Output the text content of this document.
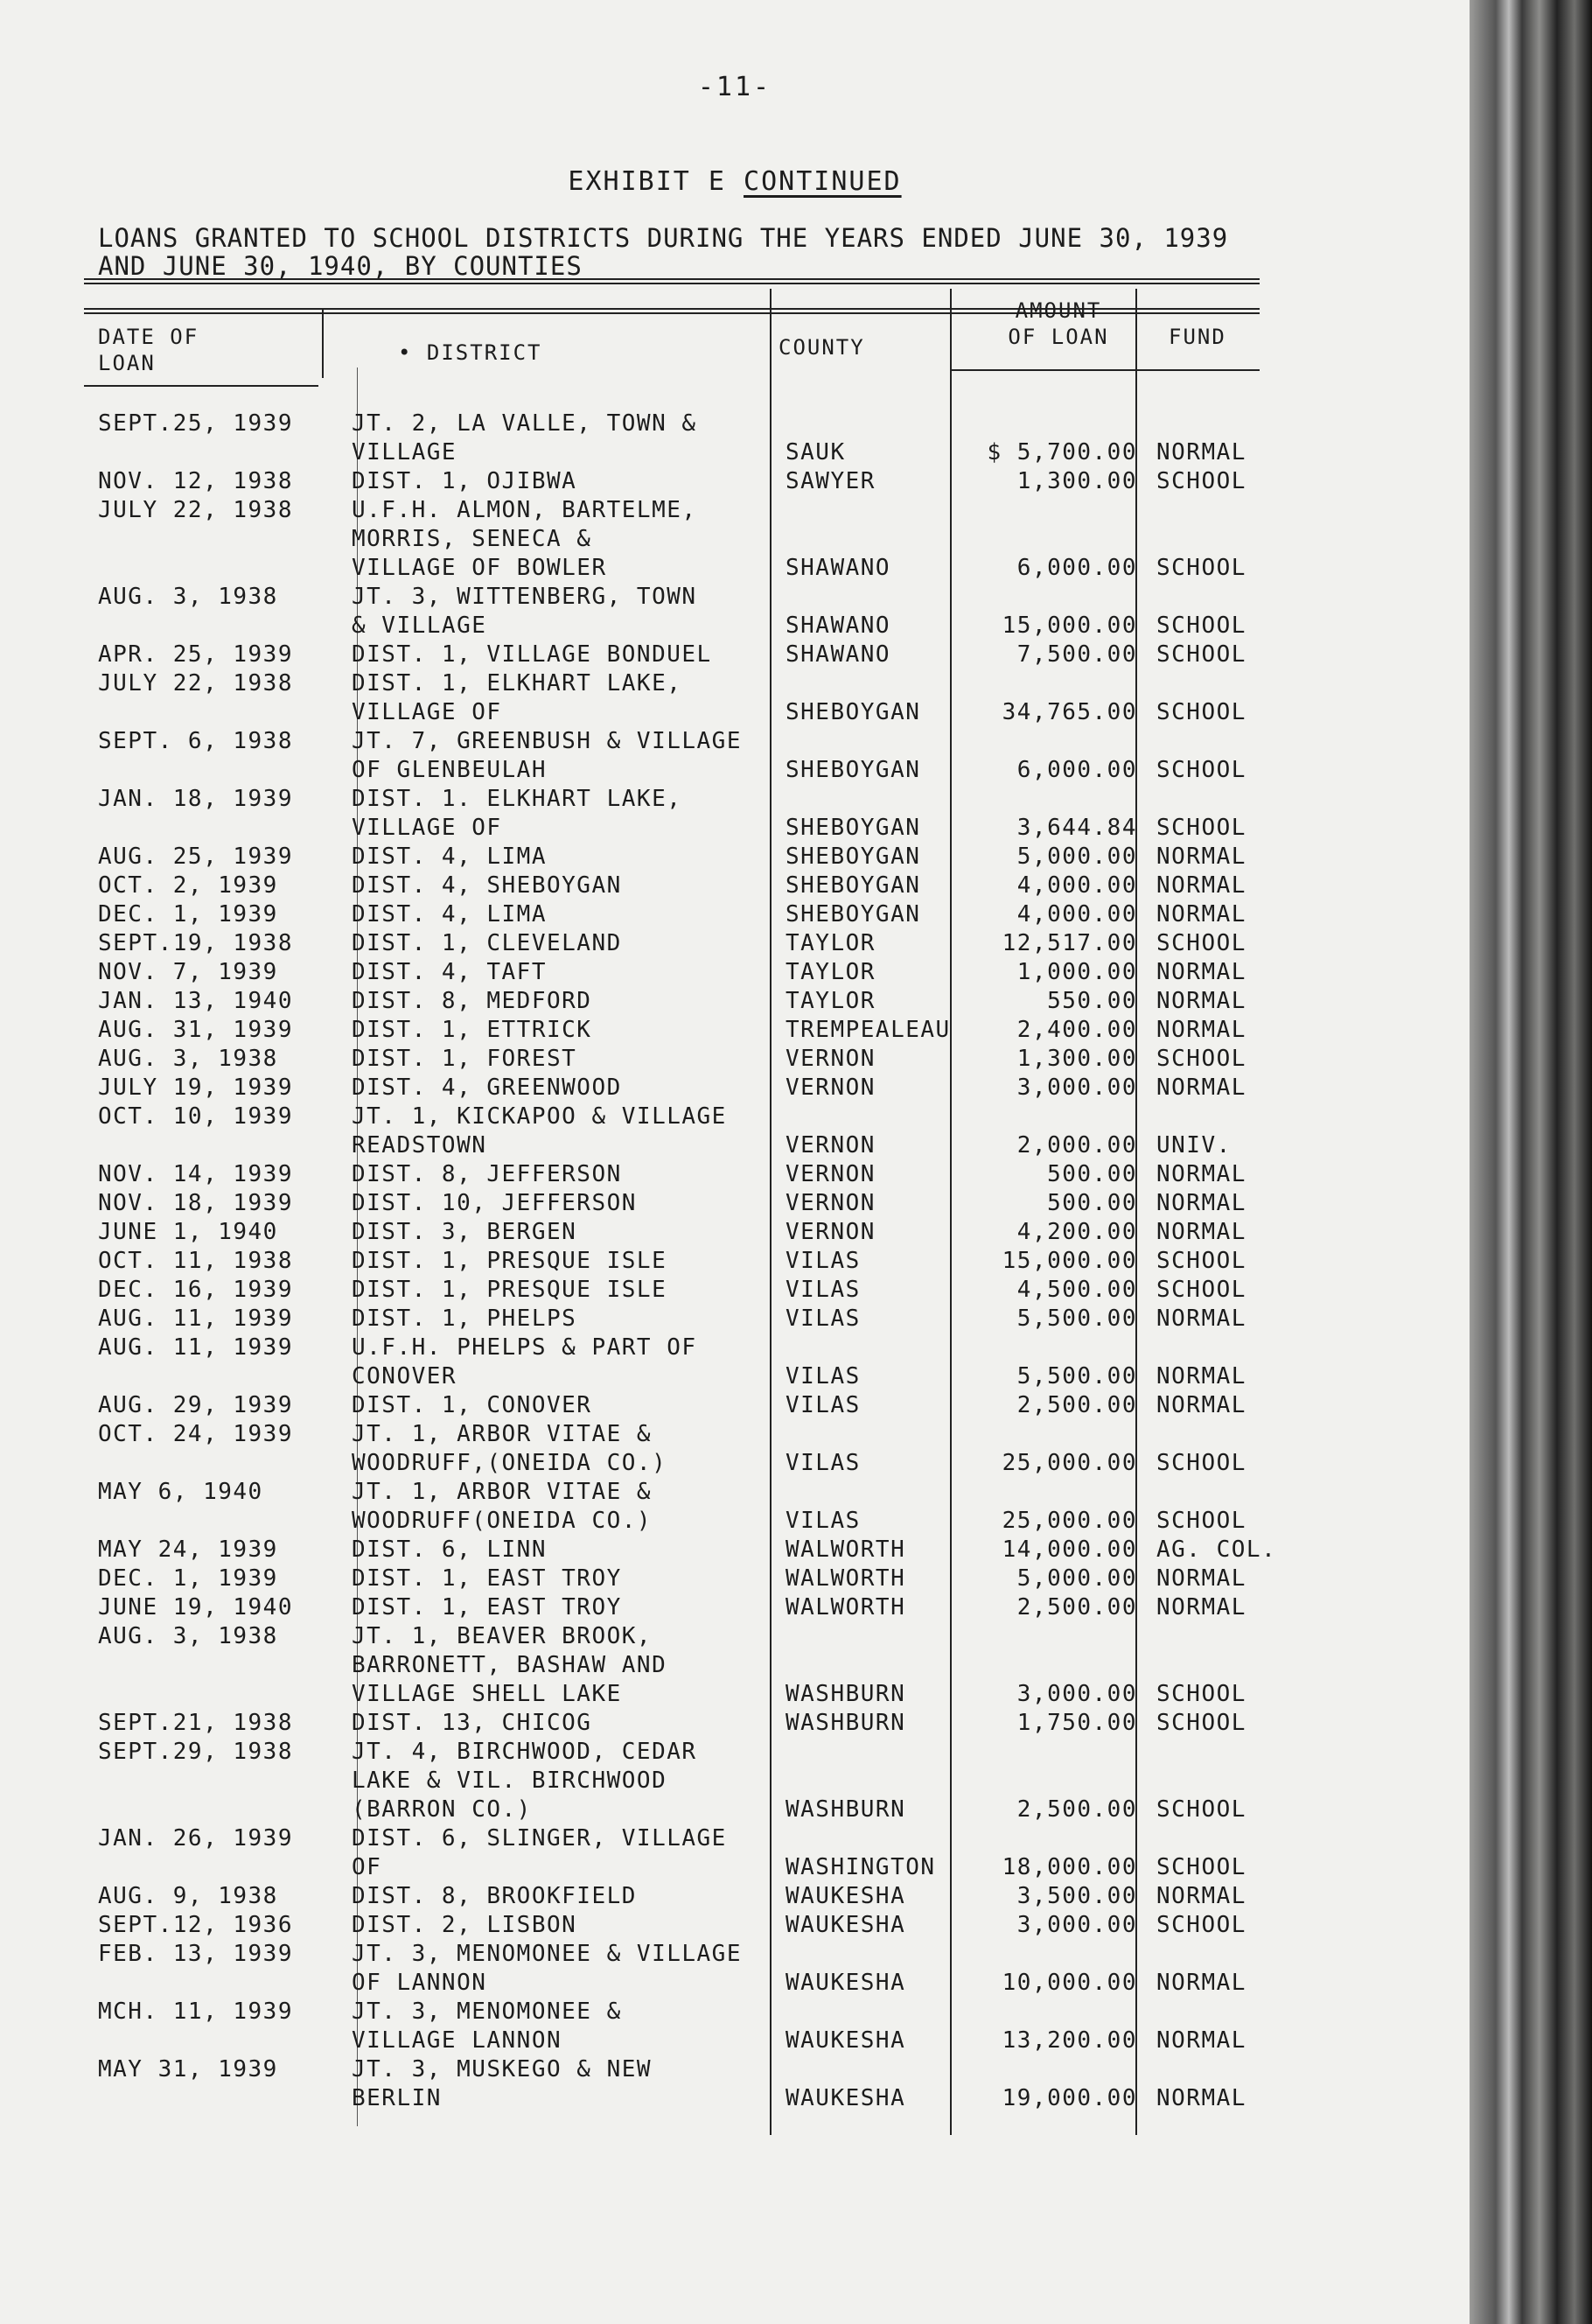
-11-
EXHIBIT E CONTINUED
LOANS GRANTED TO SCHOOL DISTRICTS DURING THE YEARS ENDED JUNE 30, 1939
AND JUNE 30, 1940, BY COUNTIES
DATE OF
LOAN	• DISTRICT	COUNTY
AMOUNT
OF LOAN	FUND
SEPT.25, 1939	JT. 2, LA VALLE, TOWN &
VILLAGE	SAUK	$ 5,700.00 NORMAL
NOV. 12, 1938	DIST. 1, OJIBWA	SAWYER	1,300.00 SCHOOL
JULY 22, 1938	U.F.H. ALMON, BARTELME,
MORRIS, SENECA &
VILLAGE OF BOWLER	SHAWANO	6,000.00 SCHOOL
AUG. 3, 1938	JT. 3, WITTENBERG, TOWN
& VILLAGE	SHAWANO	15,000.00 SCHOOL
APR. 25, 1939	DIST. 1, VILLAGE BONDUEL	SHAWANO	7,500.00 SCHOOL
JULY 22, 1938	DIST. 1, ELKHART LAKE,
VILLAGE OF	SHEBOYGAN	34,765.00 SCHOOL
SEPT. 6, 1938	JT. 7, GREENBUSH & VILLAGE
OF GLENBEULAH	SHEBOYGAN	6,000.00 SCHOOL
JAN. 18, 1939	DIST. 1. ELKHART LAKE,
VILLAGE OF	SHEBOYGAN	3,644.84 SCHOOL
AUG. 25, 1939	DIST. 4, LIMA	SHEBOYGAN	5,000.00 NORMAL
OCT. 2, 1939	DIST. 4, SHEBOYGAN	SHEBOYGAN	4,000.00 NORMAL
DEC. 1, 1939	DIST. 4, LIMA	SHEBOYGAN	4,000.00 NORMAL
SEPT.19, 1938	DIST. 1, CLEVELAND	TAYLOR	12,517.00 SCHOOL
NOV. 7, 1939	DIST. 4, TAFT	TAYLOR	1,000.00 NORMAL
JAN. 13, 1940	DIST. 8, MEDFORD	TAYLOR	550.00 NORMAL
AUG. 31, 1939	DIST. 1, ETTRICK	TREMPEALEAU	2,400.00 NORMAL
AUG. 3, 1938	DIST. 1, FOREST	VERNON	1,300.00 SCHOOL
JULY 19, 1939	DIST. 4, GREENWOOD	VERNON	3,000.00 NORMAL
OCT. 10, 1939	JT. 1, KICKAPOO & VILLAGE
READSTOWN	VERNON	2,000.00 UNIV.
NOV. 14, 1939	DIST. 8, JEFFERSON	VERNON	500.00 NORMAL
NOV. 18, 1939	DIST. 10, JEFFERSON	VERNON	500.00 NORMAL
JUNE 1, 1940	DIST. 3, BERGEN	VERNON	4,200.00 NORMAL
OCT. 11, 1938	DIST. 1, PRESQUE ISLE	VILAS	15,000.00 SCHOOL
DEC. 16, 1939	DIST. 1, PRESQUE ISLE	VILAS	4,500.00 SCHOOL
AUG. 11, 1939	DIST. 1, PHELPS	VILAS	5,500.00 NORMAL
AUG. 11, 1939	U.F.H. PHELPS & PART OF
CONOVER	VILAS	5,500.00 NORMAL
AUG. 29, 1939	DIST. 1, CONOVER	VILAS	2,500.00 NORMAL
OCT. 24, 1939	JT. 1, ARBOR VITAE &
WOODRUFF,(ONEIDA CO.)	VILAS	25,000.00 SCHOOL
MAY 6, 1940	JT. 1, ARBOR VITAE &
WOODRUFF(ONEIDA CO.)	VILAS	25,000.00 SCHOOL
MAY 24, 1939	DIST. 6, LINN	WALWORTH	14,000.00 AG. COL.
DEC. 1, 1939	DIST. 1, EAST TROY	WALWORTH	5,000.00 NORMAL
JUNE 19, 1940	DIST. 1, EAST TROY	WALWORTH	2,500.00 NORMAL
AUG. 3, 1938	JT. 1, BEAVER BROOK,
BARRONETT, BASHAW AND
VILLAGE SHELL LAKE	WASHBURN	3,000.00 SCHOOL
SEPT.21, 1938	DIST. 13, CHICOG	WASHBURN	1,750.00 SCHOOL
SEPT.29, 1938	JT. 4, BIRCHWOOD, CEDAR
LAKE & VIL. BIRCHWOOD
(BARRON CO.)	WASHBURN	2,500.00 SCHOOL
JAN. 26, 1939	DIST. 6, SLINGER, VILLAGE
OF	WASHINGTON	18,000.00 SCHOOL
AUG. 9, 1938	DIST. 8, BROOKFIELD	WAUKESHA	3,500.00 NORMAL
SEPT.12, 1936	DIST. 2, LISBON	WAUKESHA	3,000.00 SCHOOL
FEB. 13, 1939	JT. 3, MENOMONEE & VILLAGE
OF LANNON	WAUKESHA	10,000.00 NORMAL
MCH. 11, 1939	JT. 3, MENOMONEE &
VILLAGE LANNON	WAUKESHA	13,200.00 NORMAL
MAY 31, 1939	JT. 3, MUSKEGO & NEW
BERLIN	WAUKESHA	19,000.00 NORMAL
